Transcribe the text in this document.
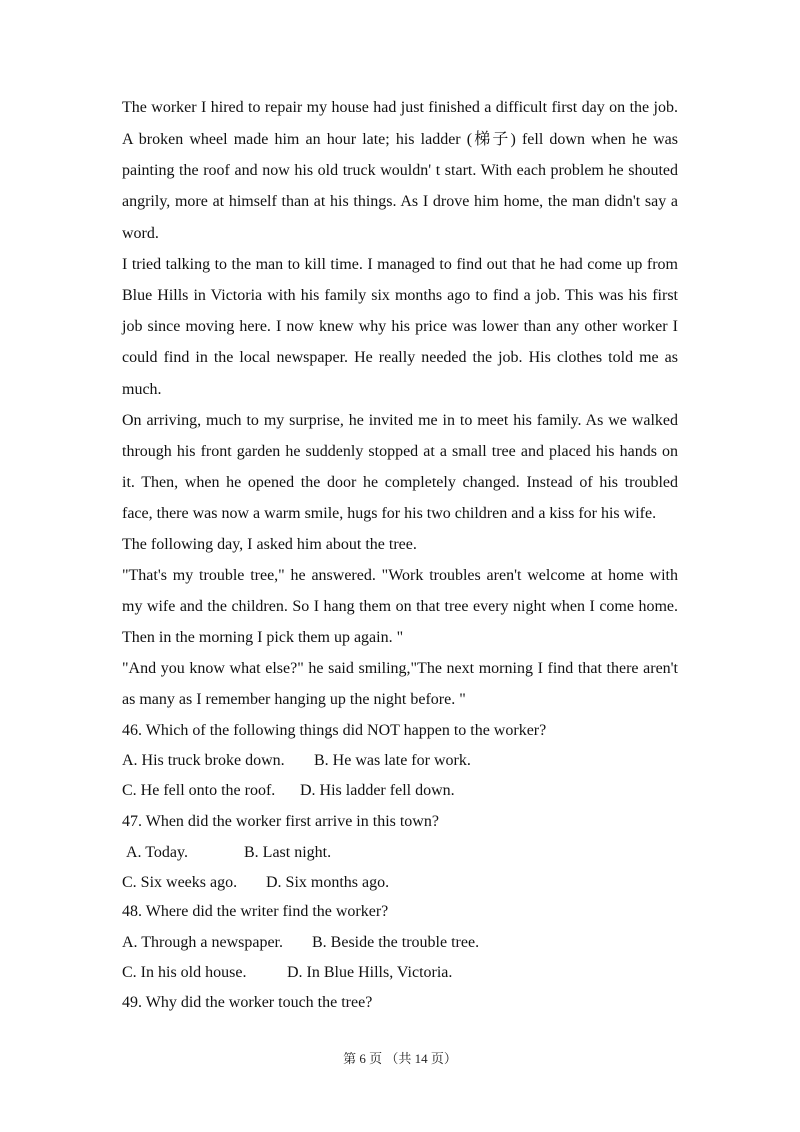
The worker I hired to repair my house had just finished a difficult first day on the job.
A broken wheel made him an hour late; his ladder (梯子) fell down when he was
painting the roof and now his old truck wouldn' t start. With each problem he shouted
angrily, more at himself than at his things. As I drove him home, the man didn't say a
word.
I tried talking to the man to kill time. I managed to find out that he had come up from
Blue Hills in Victoria with his family six months ago to find a job. This was his first
job since moving here. I now knew why his price was lower than any other worker I
could find in the local newspaper. He really needed the job. His clothes told me as
much.
On arriving, much to my surprise, he invited me in to meet his family. As we walked
through his front garden he suddenly stopped at a small tree and placed his hands on
it. Then, when he opened the door he completely changed. Instead of his troubled
face, there was now a warm smile, hugs for his two children and a kiss for his wife.
The following day, I asked him about the tree.
"That's my trouble tree," he answered. "Work troubles aren't welcome at home with
my wife and the children. So I hang them on that tree every night when I come home.
Then in the morning I pick them up again. "
"And you know what else?" he said smiling,"The next morning I find that there aren't
as many as I remember hanging up the night before. "
46. Which of the following things did NOT happen to the worker?
A. His truck broke down. B. He was late for work.
C. He fell onto the roof. D. His ladder fell down.
47. When did the worker first arrive in this town?
A. Today.	B. Last night.
C. Six weeks ago. D. Six months ago.
48. Where did the writer find the worker?
A. Through a newspaper. B. Beside the trouble tree.
C. In his old house.	D. In Blue Hills, Victoria.
49. Why did the worker touch the tree?
第 6 页 （共 14 页）
